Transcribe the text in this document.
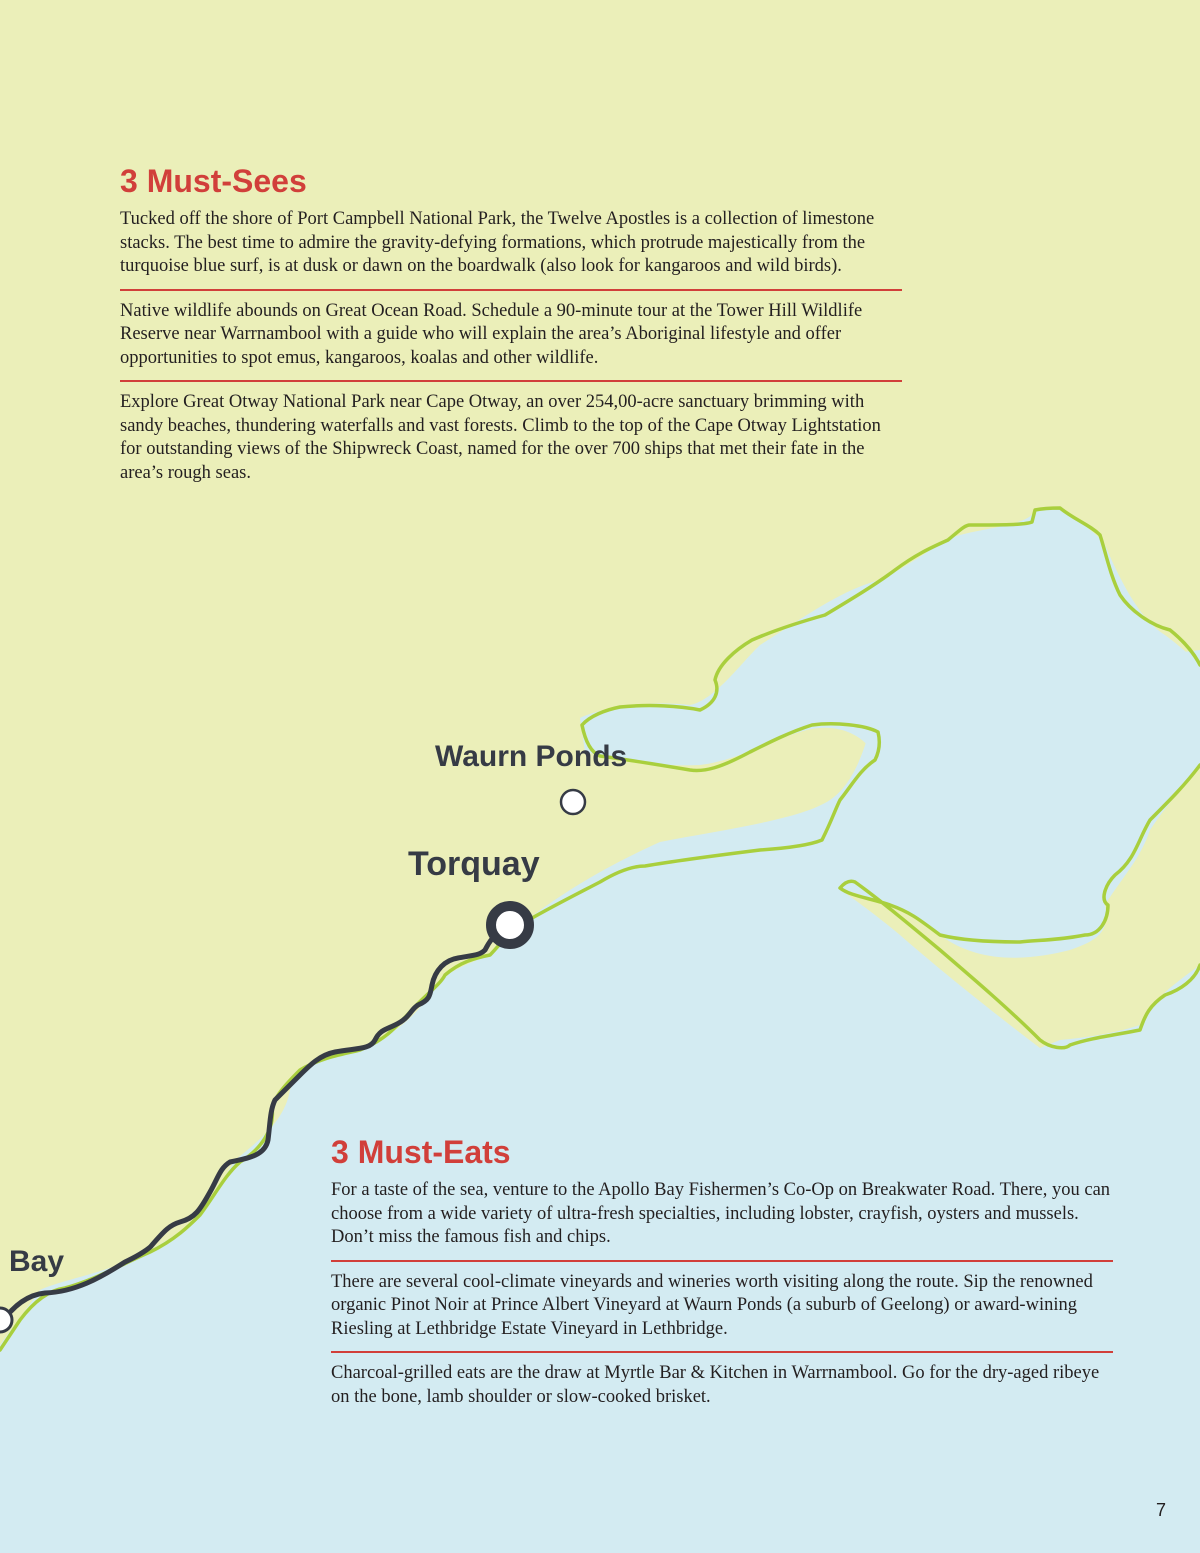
Waurn Ponds
Torquay
Bay
3 Must-Sees

Tucked off the shore of Port Campbell National Park, the Twelve Apostles is a collection of limestone stacks. The best time to admire the gravity-defying formations, which protrude majestically from the turquoise blue surf, is at dusk or dawn on the boardwalk (also look for kangaroos and wild birds).

Native wildlife abounds on Great Ocean Road. Schedule a 90-minute tour at the Tower Hill Wildlife Reserve near Warrnambool with a guide who will explain the area’s Aboriginal lifestyle and offer opportunities to spot emus, kangaroos, koalas and other wildlife.

Explore Great Otway National Park near Cape Otway, an over 254,00-acre sanctuary brimming with sandy beaches, thundering waterfalls and vast forests. Climb to the top of the Cape Otway Lightstation for outstanding views of the Shipwreck Coast, named for the over 700 ships that met their fate in the area’s rough seas.

3 Must-Eats

For a taste of the sea, venture to the Apollo Bay Fishermen’s Co-Op on Breakwater Road. There, you can choose from a wide variety of ultra-fresh specialties, including lobster, crayfish, oysters and mussels. Don’t miss the famous fish and chips.

There are several cool-climate vineyards and wineries worth visiting along the route. Sip the renowned organic Pinot Noir at Prince Albert Vineyard at Waurn Ponds (a suburb of Geelong) or award-wining Riesling at Lethbridge Estate Vineyard in Lethbridge.

Charcoal-grilled eats are the draw at Myrtle Bar & Kitchen in Warrnambool. Go for the dry-aged ribeye on the bone, lamb shoulder or slow-cooked brisket.

7
